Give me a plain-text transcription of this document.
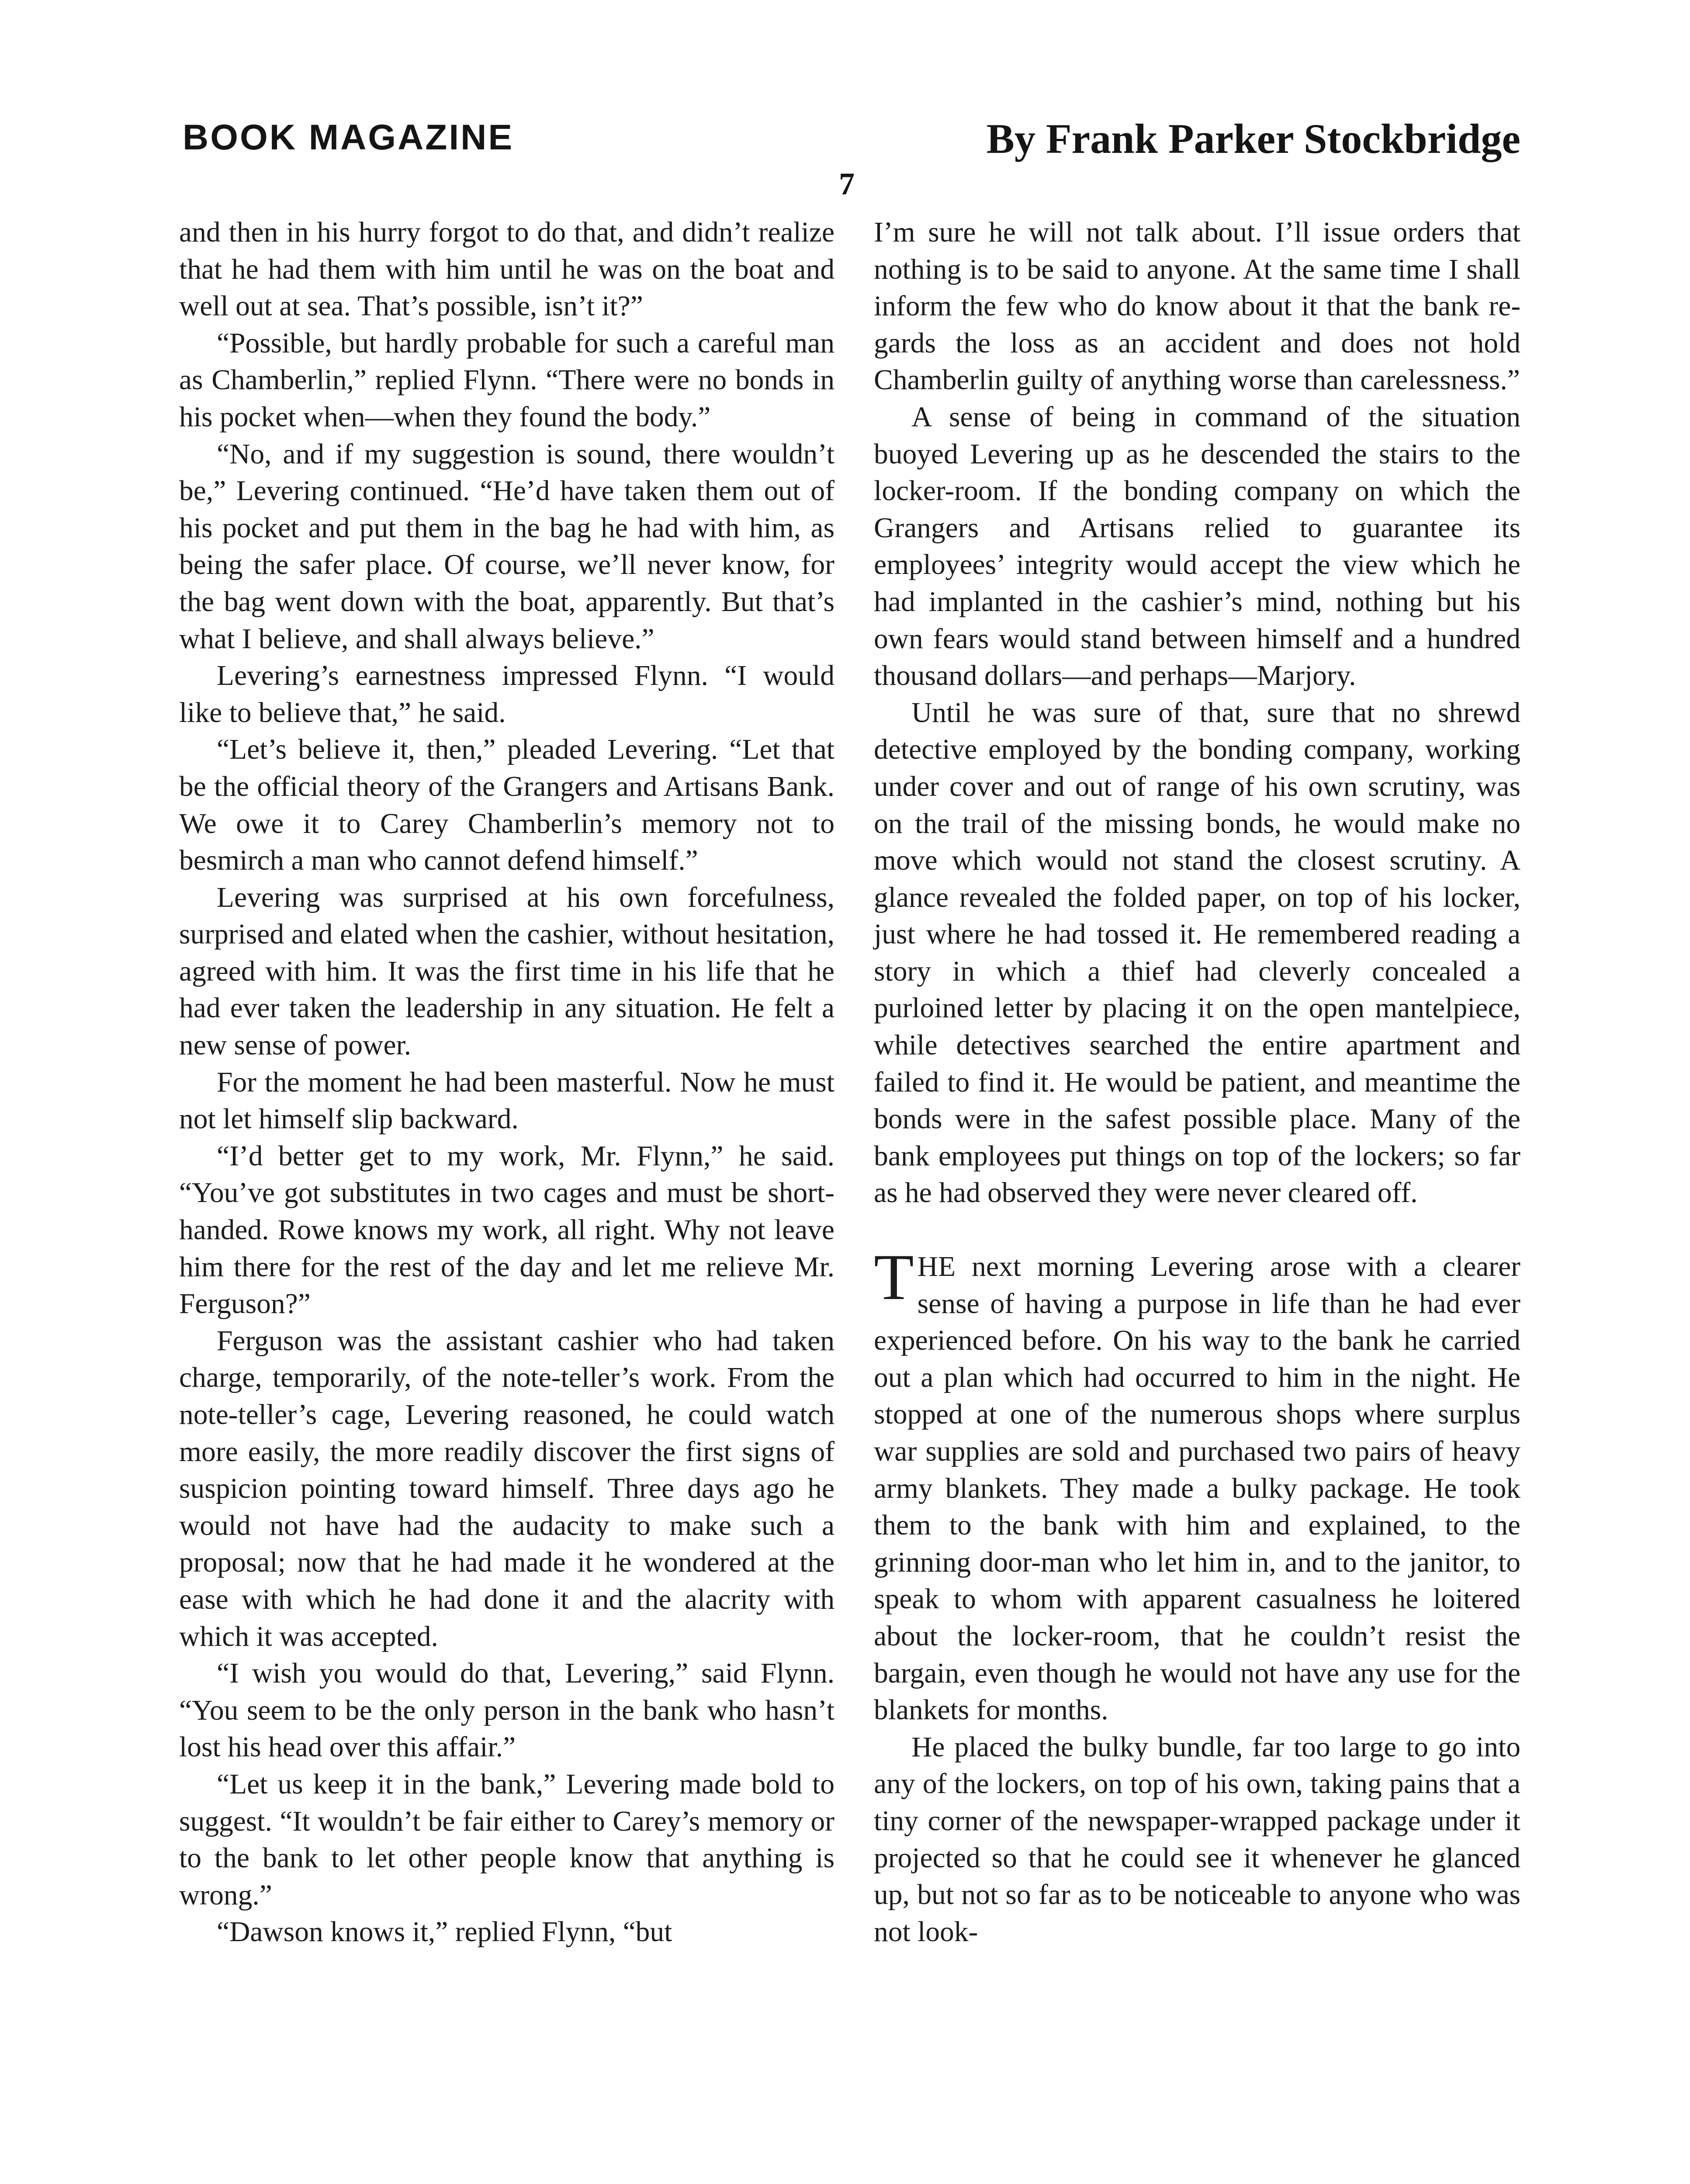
BOOK MAGAZINE	By Frank Parker Stockbridge
7

and then in his hurry forgot to do that, and didn’t realize that he had them with him until he was on the boat and well out at sea. That’s possible, isn’t it?”

“Possible, but hardly probable for such a careful man as Chamberlin,” replied Flynn. “There were no bonds in his pocket when—when they found the body.”

“No, and if my suggestion is sound, there wouldn’t be,” Levering continued. “He’d have taken them out of his pocket and put them in the bag he had with him, as being the safer place. Of course, we’ll never know, for the bag went down with the boat, apparently. But that’s what I believe, and shall always believe.”

Levering’s earnestness impressed Flynn. “I would like to believe that,” he said.

“Let’s believe it, then,” pleaded Levering. “Let that be the official theory of the Grangers and Artisans Bank. We owe it to Carey Chamberlin’s memory not to besmirch a man who cannot defend himself.”

Levering was surprised at his own forcefulness, surprised and elated when the cashier, without hesitation, agreed with him. It was the first time in his life that he had ever taken the leadership in any situation. He felt a new sense of power.

For the moment he had been masterful. Now he must not let himself slip backward.

“I’d better get to my work, Mr. Flynn,” he said. “You’ve got substitutes in two cages and must be short-handed. Rowe knows my work, all right. Why not leave him there for the rest of the day and let me relieve Mr. Ferguson?”

Ferguson was the assistant cashier who had taken charge, temporarily, of the note-teller’s work. From the note-teller’s cage, Levering reasoned, he could watch more easily, the more readily discover the first signs of suspicion pointing toward himself. Three days ago he would not have had the audacity to make such a proposal; now that he had made it he wondered at the ease with which he had done it and the alacrity with which it was accepted.

“I wish you would do that, Levering,” said Flynn. “You seem to be the only person in the bank who hasn’t lost his head over this affair.”

“Let us keep it in the bank,” Levering made bold to suggest. “It wouldn’t be fair either to Carey’s memory or to the bank to let other people know that anything is wrong.”

“Dawson knows it,” replied Flynn, “but

I’m sure he will not talk about. I’ll issue orders that nothing is to be said to anyone. At the same time I shall inform the few who do know about it that the bank regards the loss as an accident and does not hold Chamberlin guilty of anything worse than carelessness.”

A sense of being in command of the situation buoyed Levering up as he descended the stairs to the locker-room. If the bonding company on which the Grangers and Artisans relied to guarantee its employees’ integrity would accept the view which he had implanted in the cashier’s mind, nothing but his own fears would stand between himself and a hundred thousand dollars—and perhaps—Marjory.

Until he was sure of that, sure that no shrewd detective employed by the bonding company, working under cover and out of range of his own scrutiny, was on the trail of the missing bonds, he would make no move which would not stand the closest scrutiny. A glance revealed the folded paper, on top of his locker, just where he had tossed it. He remembered reading a story in which a thief had cleverly concealed a purloined letter by placing it on the open mantelpiece, while detectives searched the entire apartment and failed to find it. He would be patient, and meantime the bonds were in the safest possible place. Many of the bank employees put things on top of the lockers; so far as he had observed they were never cleared off.

THE next morning Levering arose with a clearer sense of having a purpose in life than he had ever experienced before. On his way to the bank he carried out a plan which had occurred to him in the night. He stopped at one of the numerous shops where surplus war supplies are sold and purchased two pairs of heavy army blankets. They made a bulky package. He took them to the bank with him and explained, to the grinning door-man who let him in, and to the janitor, to speak to whom with apparent casualness he loitered about the locker-room, that he couldn’t resist the bargain, even though he would not have any use for the blankets for months.

He placed the bulky bundle, far too large to go into any of the lockers, on top of his own, taking pains that a tiny corner of the newspaper-wrapped package under it projected so that he could see it whenever he glanced up, but not so far as to be noticeable to anyone who was not look-
